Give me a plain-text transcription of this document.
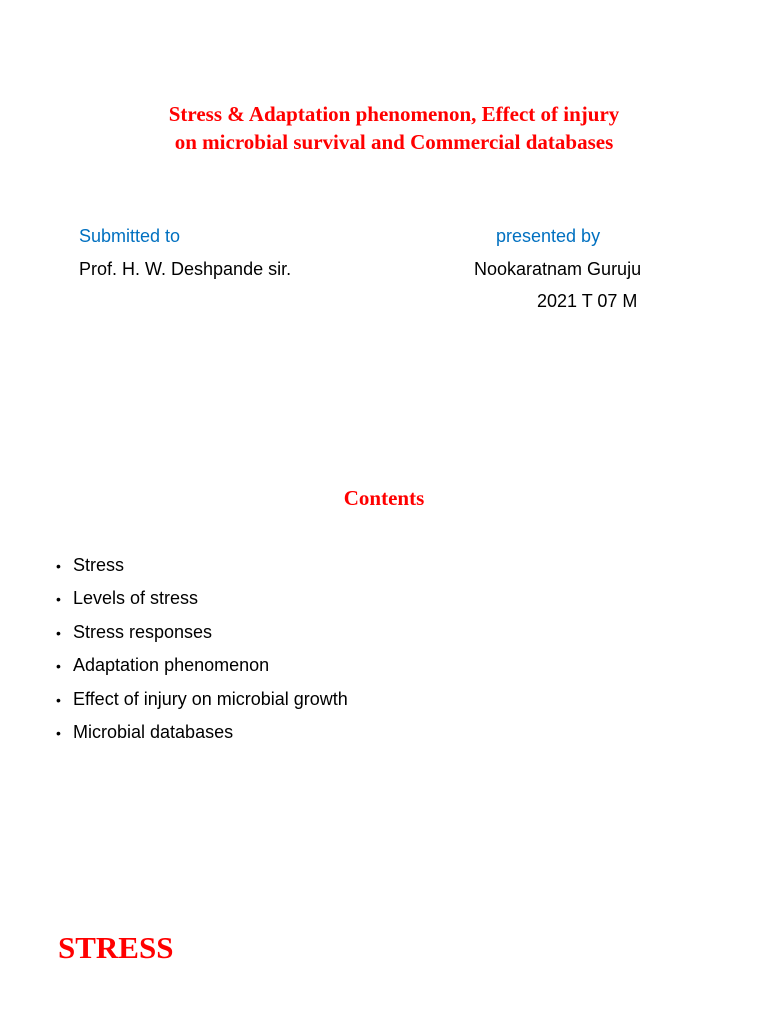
Stress & Adaptation phenomenon, Effect of injury
on microbial survival and Commercial databases
Submitted to
Prof. H. W. Deshpande sir.
presented by
Nookaratnam Guruju
2021 T 07 M
Contents
• Stress
• Levels of stress
• Stress responses
• Adaptation phenomenon
• Effect of injury on microbial growth
• Microbial databases
STRESS
